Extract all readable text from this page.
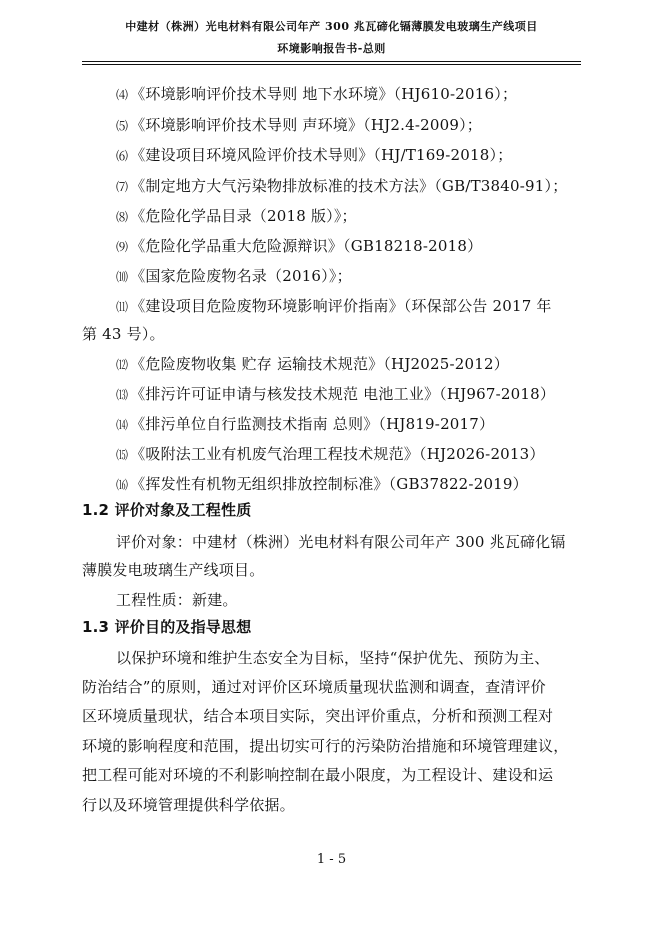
中建材（株洲）光电材料有限公司年产 300 兆瓦碲化镉薄膜发电玻璃生产线项目
环境影响报告书-总则
⑷ 《环境影响评价技术导则 地下水环境》（HJ610-2016）；
⑸ 《环境影响评价技术导则 声环境》（HJ2.4-2009）；
⑹ 《建设项目环境风险评价技术导则》（HJ/T169-2018）；
⑺ 《制定地方大气污染物排放标准的技术方法》（GB/T3840-91）；
⑻ 《危险化学品目录（2018 版）》；
⑼ 《危险化学品重大危险源辩识》（GB18218-2018）
⑽ 《国家危险废物名录（2016）》；
⑾ 《建设项目危险废物环境影响评价指南》（环保部公告 2017 年
第 43 号）。
⑿ 《危险废物收集 贮存 运输技术规范》（HJ2025-2012）
⒀ 《排污许可证申请与核发技术规范 电池工业》（HJ967-2018）
⒁ 《排污单位自行监测技术指南 总则》（HJ819-2017）
⒂ 《吸附法工业有机废气治理工程技术规范》（HJ2026-2013）
⒃ 《挥发性有机物无组织排放控制标准》（GB37822-2019）
1.2 评价对象及工程性质
评价对象：中建材（株洲）光电材料有限公司年产 300 兆瓦碲化镉
薄膜发电玻璃生产线项目。
工程性质：新建。
1.3 评价目的及指导思想
以保护环境和维护生态安全为目标，坚持“保护优先、预防为主、
防治结合”的原则，通过对评价区环境质量现状监测和调查，查清评价
区环境质量现状，结合本项目实际，突出评价重点，分析和预测工程对
环境的影响程度和范围，提出切实可行的污染防治措施和环境管理建议，
把工程可能对环境的不利影响控制在最小限度，为工程设计、建设和运
行以及环境管理提供科学依据。
1 - 5
